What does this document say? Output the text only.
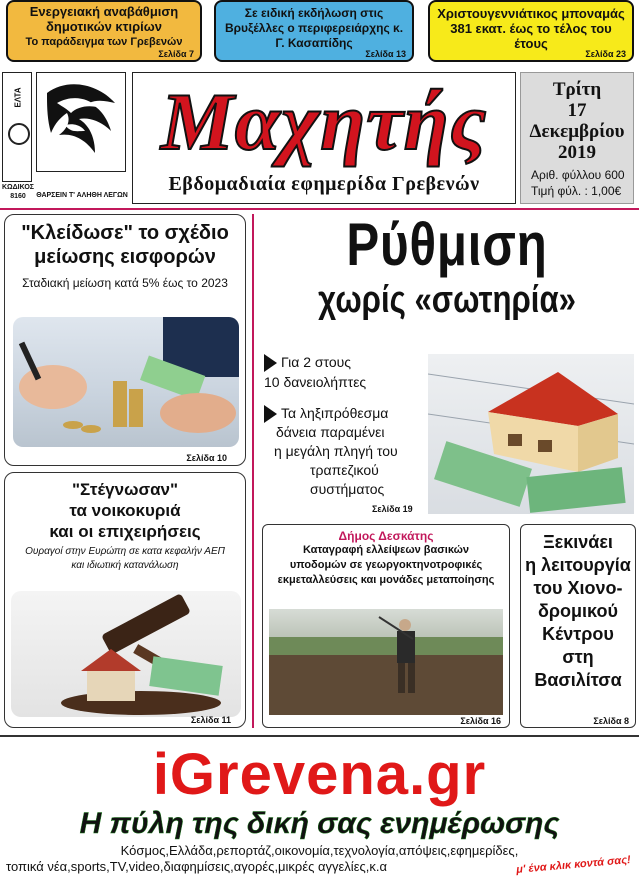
Ενεργειακή αναβάθμιση δημοτικών κτιρίων
Το παράδειγμα των Γρεβενών
Σελίδα 7
Σε ειδική εκδήλωση στις Βρυξέλλες ο περιφερειάρχης κ. Γ. Κασαπίδης
Σελίδα 13
Χριστουγεννιάτικος μποναμάς 381 εκατ. έως το τέλος του έτους
Σελίδα 23
ΕΛΤΑ
ΚΩΔΙΚΟΣ
8160	ΘΑΡΣΕΙΝ Τ' ΑΛΗΘΗ ΛΕΓΩΝ
Μαχητής
Εβδομαδιαία εφημερίδα Γρεβενών
Τρίτη
17
Δεκεμβρίου
2019
Αριθ. φύλλου 600
Τιμή φύλ. : 1,00€
"Κλείδωσε" το σχέδιο
μείωσης εισφορών
Σταδιακή μείωση κατά 5% έως το 2023
Σελίδα 10
"Στέγνωσαν"
τα νοικοκυριά
και οι επιχειρήσεις
Ουραγοί στην Ευρώπη σε κατα κεφαλήν ΑΕΠ
και ιδιωτική κατανάλωση
Σελίδα 11
Ρύθμιση
χωρίς «σωτηρία»
Για 2 στους
10 δανειολήπτες
Τα ληξιπρόθεσμα
δάνεια παραμένει
η μεγάλη πληγή του
τραπεζικού
συστήματος
Σελίδα 19
Δήμος Δεσκάτης
Καταγραφή ελλείψεων βασικών
υποδομών σε γεωργοκτηνοτροφικές
εκμεταλλεύσεις και μονάδες μεταποίησης
Σελίδα 16
Ξεκινάει
η λειτουργία
του Χιονο-
δρομικού
Κέντρου
στη
Βασιλίτσα
Σελίδα 8
iGrevena.gr
Η πύλη της δική σας ενημέρωσης
Κόσμος,Ελλάδα,ρεπορτάζ,οικονομία,τεχνολογία,απόψεις,εφημερίδες,
τοπικά νέα,sports,TV,video,διαφημίσεις,αγορές,μικρές αγγελίες,κ.α	μ' ένα κλικ κοντά σας!
